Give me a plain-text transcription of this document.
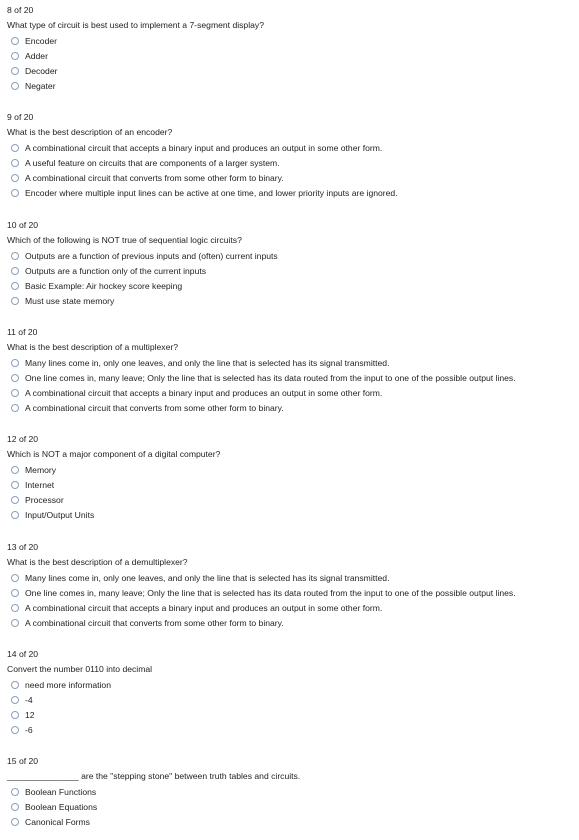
8 of 20
What type of circuit is best used to implement a 7-segment display?
Encoder
Adder
Decoder
Negater
9 of 20
What is the best description of an encoder?
A combinational circuit that accepts a binary input and produces an output in some other form.
A useful feature on circuits that are components of a larger system.
A combinational circuit that converts from some other form to binary.
Encoder where multiple input lines can be active at one time, and lower priority inputs are ignored.
10 of 20
Which of the following is NOT true of sequential logic circuits?
Outputs are a function of previous inputs and (often) current inputs
Outputs are a function only of the current inputs
Basic Example: Air hockey score keeping
Must use state memory
11 of 20
What is the best description of a multiplexer?
Many lines come in, only one leaves, and only the line that is selected has its signal transmitted.
One line comes in, many leave; Only the line that is selected has its data routed from the input to one of the possible output lines.
A combinational circuit that accepts a binary input and produces an output in some other form.
A combinational circuit that converts from some other form to binary.
12 of 20
Which is NOT a major component of a digital computer?
Memory
Internet
Processor
Input/Output Units
13 of 20
What is the best description of a demultiplexer?
Many lines come in, only one leaves, and only the line that is selected has its signal transmitted.
One line comes in, many leave; Only the line that is selected has its data routed from the input to one of the possible output lines.
A combinational circuit that accepts a binary input and produces an output in some other form.
A combinational circuit that converts from some other form to binary.
14 of 20
Convert the number 0110 into decimal
need more information
-4
12
-6
15 of 20
_______________ are the "stepping stone" between truth tables and circuits.
Boolean Functions
Boolean Equations
Canonical Forms
